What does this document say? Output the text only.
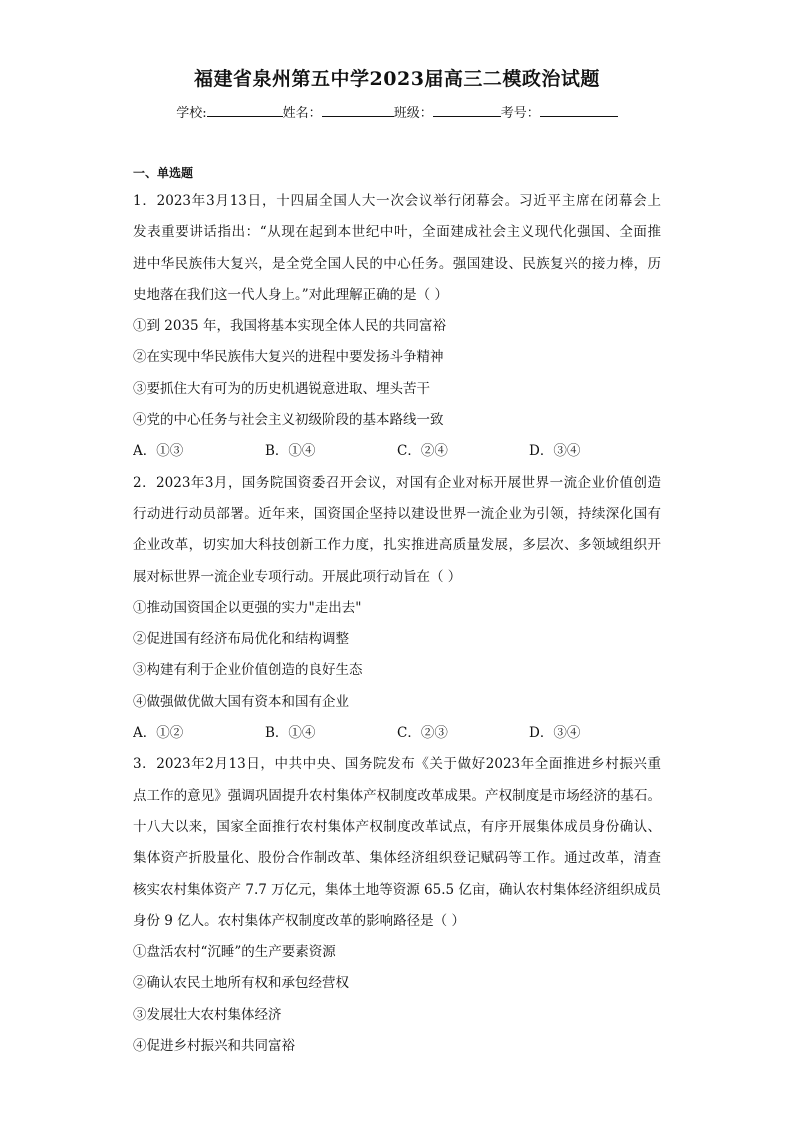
福建省泉州第五中学2023届高三二模政治试题
学校:	姓名：	班级：	考号：
一、单选题
1．2023年3月13日，十四届全国人大一次会议举行闭幕会。习近平主席在闭幕会上
发表重要讲话指出：“从现在起到本世纪中叶，全面建成社会主义现代化强国、全面推
进中华民族伟大复兴，是全党全国人民的中心任务。强国建设、民族复兴的接力棒，历
史地落在我们这一代人身上。”对此理解正确的是（ ）
①到 2035 年，我国将基本实现全体人民的共同富裕
②在实现中华民族伟大复兴的进程中要发扬斗争精神
③要抓住大有可为的历史机遇锐意进取、埋头苦干
④党的中心任务与社会主义初级阶段的基本路线一致
A．①③	B．①④	C．②④	D．③④
2．2023年3月，国务院国资委召开会议，对国有企业对标开展世界一流企业价值创造
行动进行动员部署。近年来，国资国企坚持以建设世界一流企业为引领，持续深化国有
企业改革，切实加大科技创新工作力度，扎实推进高质量发展，多层次、多领域组织开
展对标世界一流企业专项行动。开展此项行动旨在（ ）
①推动国资国企以更强的实力"走出去"
②促进国有经济布局优化和结构调整
③构建有利于企业价值创造的良好生态
④做强做优做大国有资本和国有企业
A．①②	B．①④	C．②③	D．③④
3．2023年2月13日，中共中央、国务院发布《关于做好2023年全面推进乡村振兴重
点工作的意见》强调巩固提升农村集体产权制度改革成果。产权制度是市场经济的基石。
十八大以来，国家全面推行农村集体产权制度改革试点，有序开展集体成员身份确认、
集体资产折股量化、股份合作制改革、集体经济组织登记赋码等工作。通过改革，清查
核实农村集体资产 7.7 万亿元，集体土地等资源 65.5 亿亩，确认农村集体经济组织成员
身份 9 亿人。农村集体产权制度改革的影响路径是（ ）
①盘活农村“沉睡”的生产要素资源
②确认农民土地所有权和承包经营权
③发展壮大农村集体经济
④促进乡村振兴和共同富裕
